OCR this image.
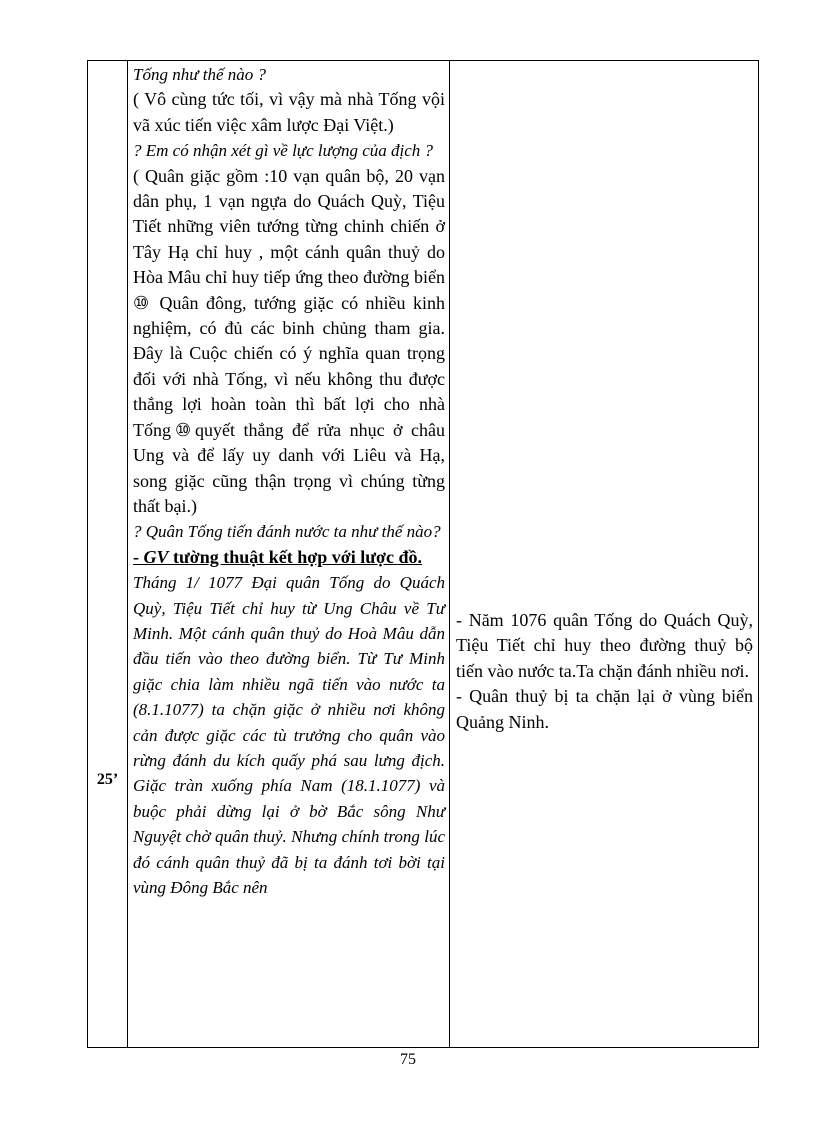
25’

Tống như thế nào ?

( Vô cùng tức tối, vì vậy mà nhà Tống vội vã xúc tiến việc xâm lược Đại Việt.)

? Em có nhận xét gì về lực lượng của địch ?

( Quân giặc gồm :10 vạn quân bộ, 20 vạn dân phụ, 1 vạn ngựa do Quách Quỳ, Tiệu Tiết những viên tướng từng chinh chiến ở Tây Hạ chỉ huy , một cánh quân thuỷ do Hòa Mâu chỉ huy tiếp ứng theo đường biển ⑩ Quân đông, tướng giặc có nhiều kinh nghiệm, có đủ các binh chủng tham gia. Đây là Cuộc chiến có ý nghĩa quan trọng đối với nhà Tống, vì nếu không thu được thắng lợi hoàn toàn thì bất lợi cho nhà Tống⑩quyết thắng để rửa nhục ở châu Ung và để lấy uy danh với Liêu và Hạ, song giặc cũng thận trọng vì chúng từng thất bại.)

? Quân Tống tiến đánh nước ta như thế nào?

- GV tường thuật kết hợp với lược đồ.

Tháng 1/ 1077 Đại quân Tống do Quách Quỳ, Tiệu Tiết chỉ huy từ Ung Châu về Tư Minh. Một cánh quân thuỷ do Hoà Mâu dẫn đầu tiến vào theo đường biển. Từ Tư Minh giặc chia làm nhiều ngã tiến vào nước ta (8.1.1077) ta chặn giặc ở nhiều nơi không cản được giặc các tù trưởng cho quân vào rừng đánh du kích quấy phá sau lưng địch. Giặc tràn xuống phía Nam (18.1.1077) và buộc phải dừng lại ở bờ Bắc sông Như Nguyệt chờ quân thuỷ. Nhưng chính trong lúc đó cánh quân thuỷ đã bị ta đánh tơi bời tại vùng Đông Bắc nên

- Năm 1076 quân Tống do Quách Quỳ, Tiệu Tiết chỉ huy theo đường thuỷ bộ tiến vào nước ta.Ta chặn đánh nhiều nơi.

- Quân thuỷ bị ta chặn lại ở vùng biển Quảng Ninh.

75
